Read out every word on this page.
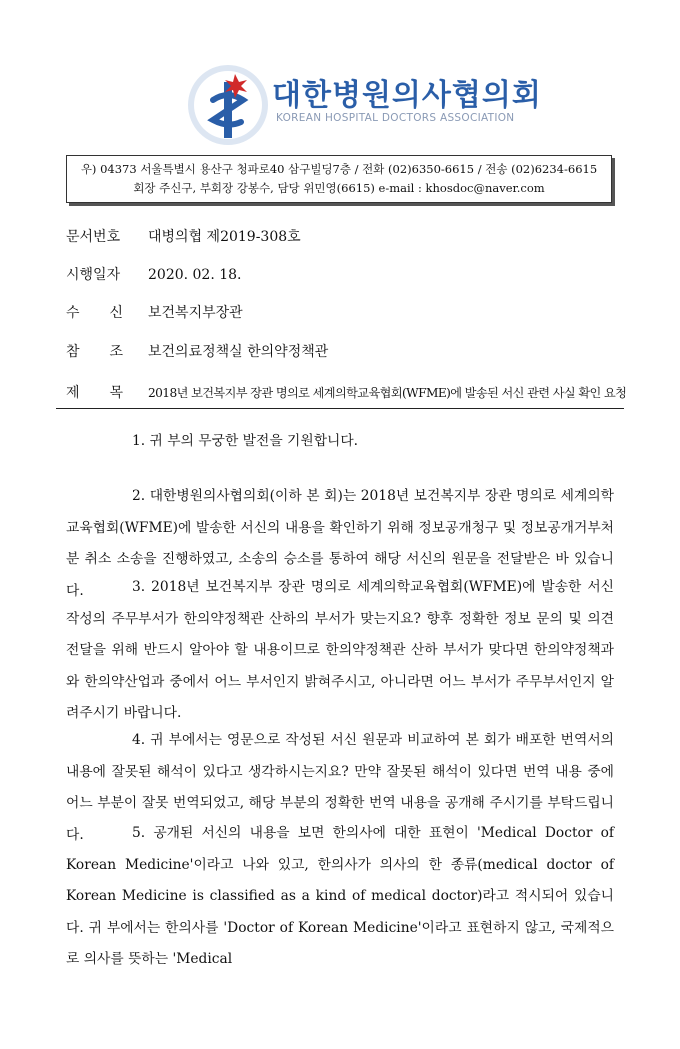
대한병원의사협의회
KOREAN HOSPITAL DOCTORS ASSOCIATION
우) 04373 서울특별시 용산구 청파로40 삼구빌딩7층 / 전화 (02)6350-6615 / 전송 (02)6234-6615
회장 주신구, 부회장 강봉수, 담당 위민영(6615) e-mail : khosdoc@naver.com
문서번호 대병의협 제2019-308호
시행일자 2020. 02. 18.
수 신 보건복지부장관
참 조 보건의료정책실 한의약정책관
제 목 2018년 보건복지부 장관 명의로 세계의학교육협회(WFME)에 발송된 서신 관련 사실 확인 요청

1. 귀 부의 무궁한 발전을 기원합니다.

2. 대한병원의사협의회(이하 본 회)는 2018년 보건복지부 장관 명의로 세계의학교육협회(WFME)에 발송한 서신의 내용을 확인하기 위해 정보공개청구 및 정보공개거부처분 취소 소송을 진행하였고, 소송의 승소를 통하여 해당 서신의 원문을 전달받은 바 있습니다.	3. 2018년 보건복지부 장관 명의로 세계의학교육협회(WFME)에 발송한 서신 작성의 주무부서가 한의약정책관 산하의 부서가 맞는지요? 향후 정확한 정보 문의 및 의견 전달을 위해 반드시 알아야 할 내용이므로 한의약정책관 산하 부서가 맞다면 한의약정책과와 한의약산업과 중에서 어느 부서인지 밝혀주시고, 아니라면 어느 부서가 주무부서인지 알려주시기 바랍니다.

4. 귀 부에서는 영문으로 작성된 서신 원문과 비교하여 본 회가 배포한 번역서의 내용에 잘못된 해석이 있다고 생각하시는지요? 만약 잘못된 해석이 있다면 번역 내용 중에 어느 부분이 잘못 번역되었고, 해당 부분의 정확한 번역 내용을 공개해 주시기를 부탁드립니다.	5. 공개된 서신의 내용을 보면 한의사에 대한 표현이 'Medical Doctor of Korean Medicine'이라고 나와 있고, 한의사가 의사의 한 종류(medical doctor of Korean Medicine is classified as a kind of medical doctor)라고 적시되어 있습니다. 귀 부에서는 한의사를 'Doctor of Korean Medicine'이라고 표현하지 않고, 국제적으로 의사를 뜻하는 'Medical
